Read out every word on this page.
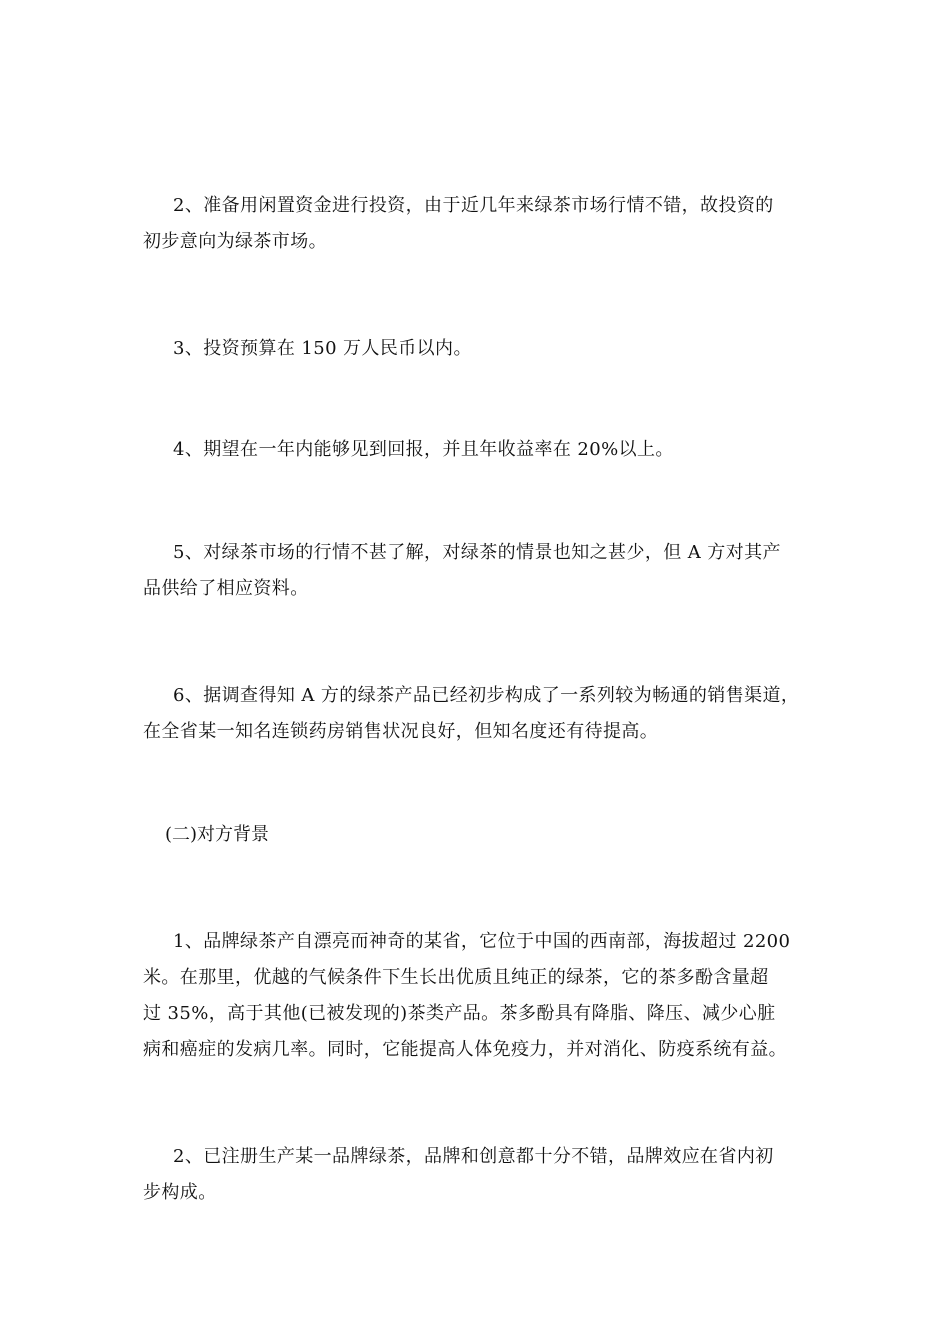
2、准备用闲置资金进行投资，由于近几年来绿茶市场行情不错，故投资的
初步意向为绿茶市场。
3、投资预算在 150 万人民币以内。
4、期望在一年内能够见到回报，并且年收益率在 20%以上。
5、对绿茶市场的行情不甚了解，对绿茶的情景也知之甚少，但 A 方对其产
品供给了相应资料。
6、据调查得知 A 方的绿茶产品已经初步构成了一系列较为畅通的销售渠道，
在全省某一知名连锁药房销售状况良好，但知名度还有待提高。
(二)对方背景
1、品牌绿茶产自漂亮而神奇的某省，它位于中国的西南部，海拔超过 2200
米。在那里，优越的气候条件下生长出优质且纯正的绿茶，它的茶多酚含量超
过 35%，高于其他(已被发现的)茶类产品。茶多酚具有降脂、降压、减少心脏
病和癌症的发病几率。同时，它能提高人体免疫力，并对消化、防疫系统有益。
2、已注册生产某一品牌绿茶，品牌和创意都十分不错，品牌效应在省内初
步构成。
